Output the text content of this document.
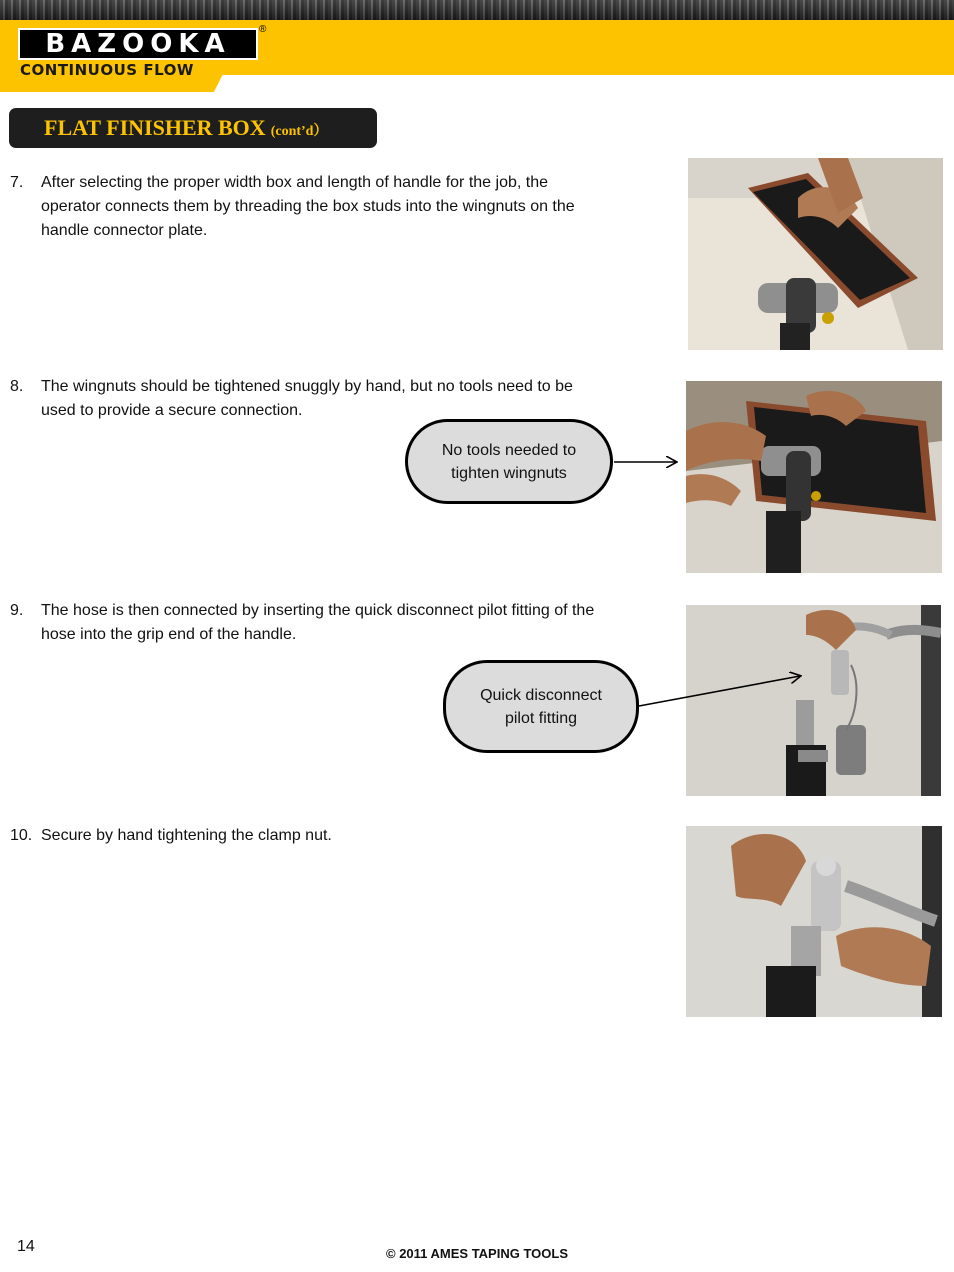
BAZOOKA	®
CONTINUOUS FLOW
FLAT FINISHER BOX (cont’d）
7.	After selecting the proper width box and length of handle for the job, the operator connects them by threading the box studs into the wingnuts on the handle connector plate.
8.	The wingnuts should be tightened snuggly by hand, but no tools need to be used to provide a secure connection.
9.	The hose is then connected by inserting the quick disconnect pilot fitting of the hose into the grip end of the handle.
10. Secure by hand tightening the clamp nut.
No tools needed to
tighten wingnuts
Quick disconnect
pilot fitting
14	© 2011 AMES TAPING TOOLS
